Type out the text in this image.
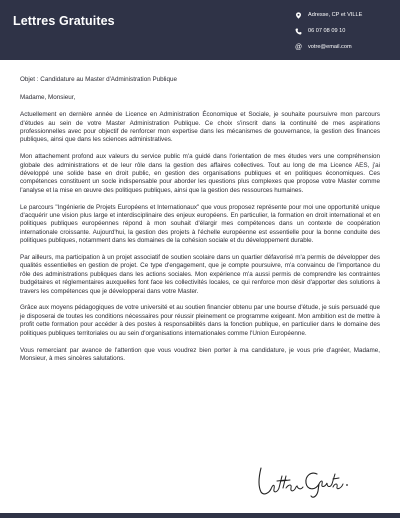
Lettres Gratuites	Adresse, CP et VILLE
06 07 08 09 10
@ votre@email.com

Objet : Candidature au Master d'Administration Publique

Madame, Monsieur,

Actuellement en dernière année de Licence en Administration Économique et Sociale, je souhaite poursuivre mon parcours d'études au sein de votre Master Administration Publique. Ce choix s'inscrit dans la continuité de mes aspirations professionnelles avec pour objectif de renforcer mon expertise dans les mécanismes de gouvernance, la gestion des finances publiques, ainsi que dans les sciences administratives.

Mon attachement profond aux valeurs du service public m'a guidé dans l'orientation de mes études vers une compréhension globale des administrations et de leur rôle dans la gestion des affaires collectives. Tout au long de ma Licence AES, j'ai développé une solide base en droit public, en gestion des organisations publiques et en politiques économiques. Ces compétences constituent un socle indispensable pour aborder les questions plus complexes que propose votre Master comme l'analyse et la mise en œuvre des politiques publiques, ainsi que la gestion des ressources humaines.

Le parcours "Ingénierie de Projets Européens et Internationaux" que vous proposez représente pour moi une opportunité unique d'acquérir une vision plus large et interdisciplinaire des enjeux européens. En particulier, la formation en droit international et en politiques publiques européennes répond à mon souhait d'élargir mes compétences dans un contexte de coopération internationale croissante. Aujourd'hui, la gestion des projets à l'échelle européenne est essentielle pour la bonne conduite des politiques publiques, notamment dans les domaines de la cohésion sociale et du développement durable.

Par ailleurs, ma participation à un projet associatif de soutien scolaire dans un quartier défavorisé m'a permis de développer des qualités essentielles en gestion de projet. Ce type d'engagement, que je compte poursuivre, m'a convaincu de l'importance du rôle des administrations publiques dans les actions sociales. Mon expérience m'a aussi permis de comprendre les contraintes budgétaires et réglementaires auxquelles font face les collectivités locales, ce qui renforce mon désir d'apporter des solutions à travers les compétences que je développerai dans votre Master.

Grâce aux moyens pédagogiques de votre université et au soutien financier obtenu par une bourse d'étude, je suis persuadé que je disposerai de toutes les conditions nécessaires pour réussir pleinement ce programme exigeant. Mon ambition est de mettre à profit cette formation pour accéder à des postes à responsabilités dans la fonction publique, en particulier dans le domaine des politiques publiques territoriales ou au sein d'organisations internationales comme l'Union Européenne.

Vous remerciant par avance de l'attention que vous voudrez bien porter à ma candidature, je vous prie d'agréer, Madame, Monsieur, à mes sincères salutations.
